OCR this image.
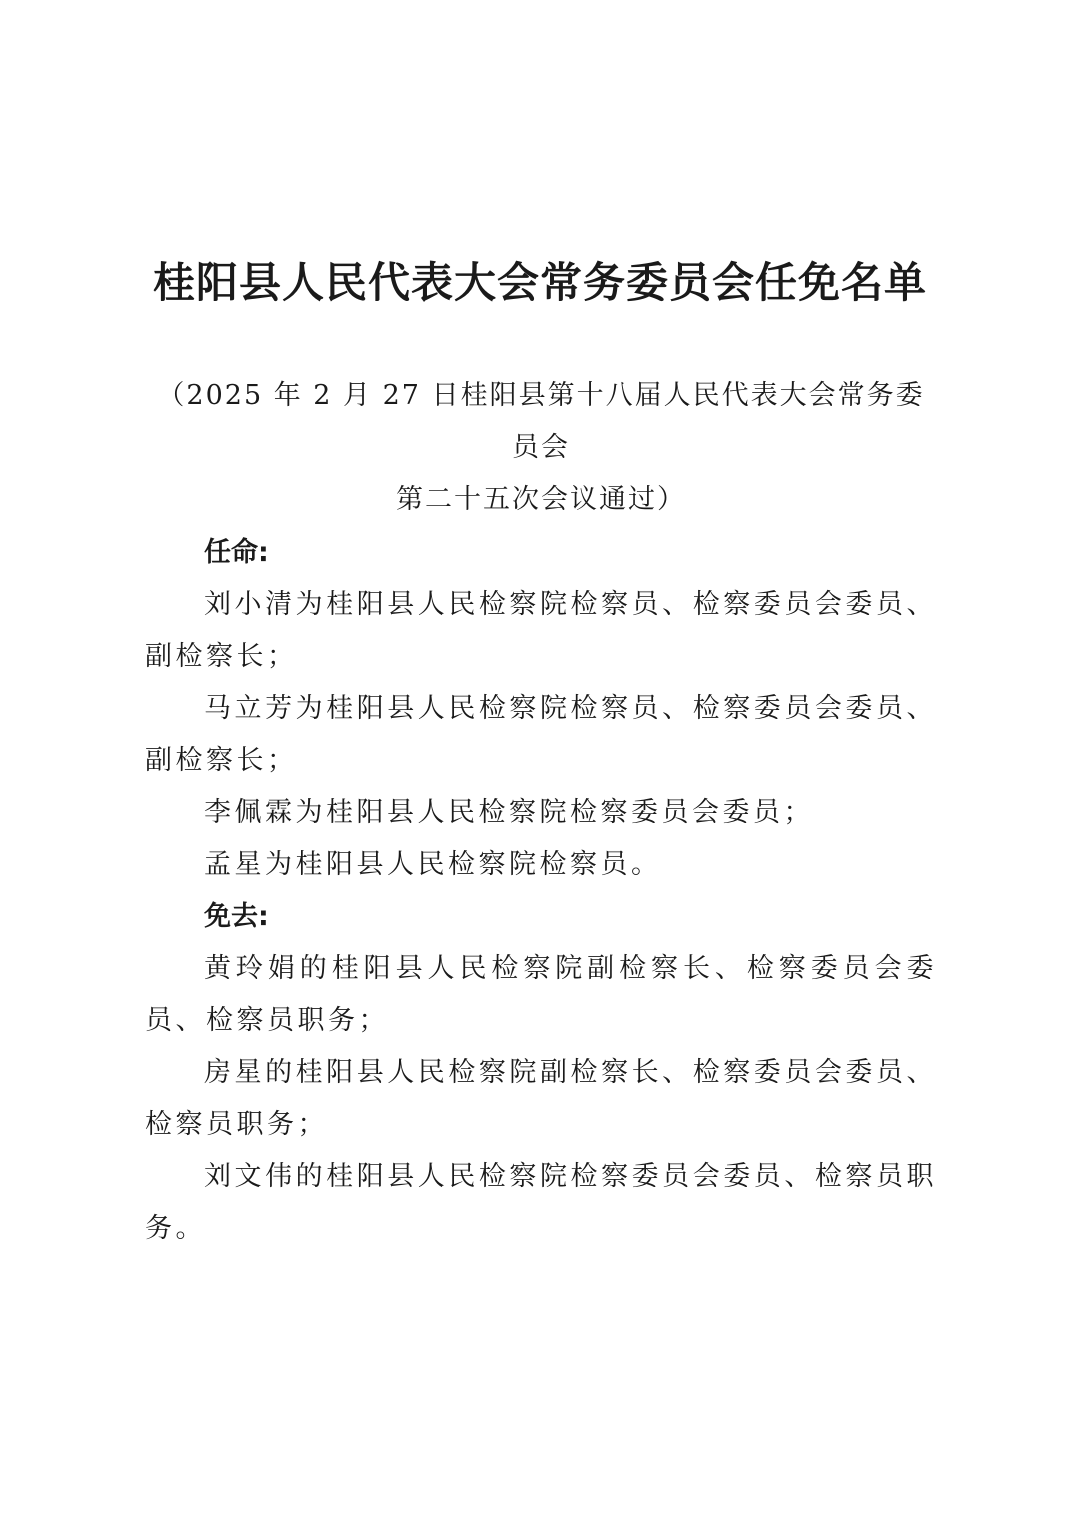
桂阳县人民代表大会常务委员会任免名单

（2025 年 2 月 27 日桂阳县第十八届人民代表大会常务委员会
第二十五次会议通过）

任命:

刘小清为桂阳县人民检察院检察员、检察委员会委员、副检察长；

马立芳为桂阳县人民检察院检察员、检察委员会委员、副检察长；

李佩霖为桂阳县人民检察院检察委员会委员；

孟星为桂阳县人民检察院检察员。

免去:

黄玲娟的桂阳县人民检察院副检察长、检察委员会委员、检察员职务；

房星的桂阳县人民检察院副检察长、检察委员会委员、检察员职务；

刘文伟的桂阳县人民检察院检察委员会委员、检察员职务。
